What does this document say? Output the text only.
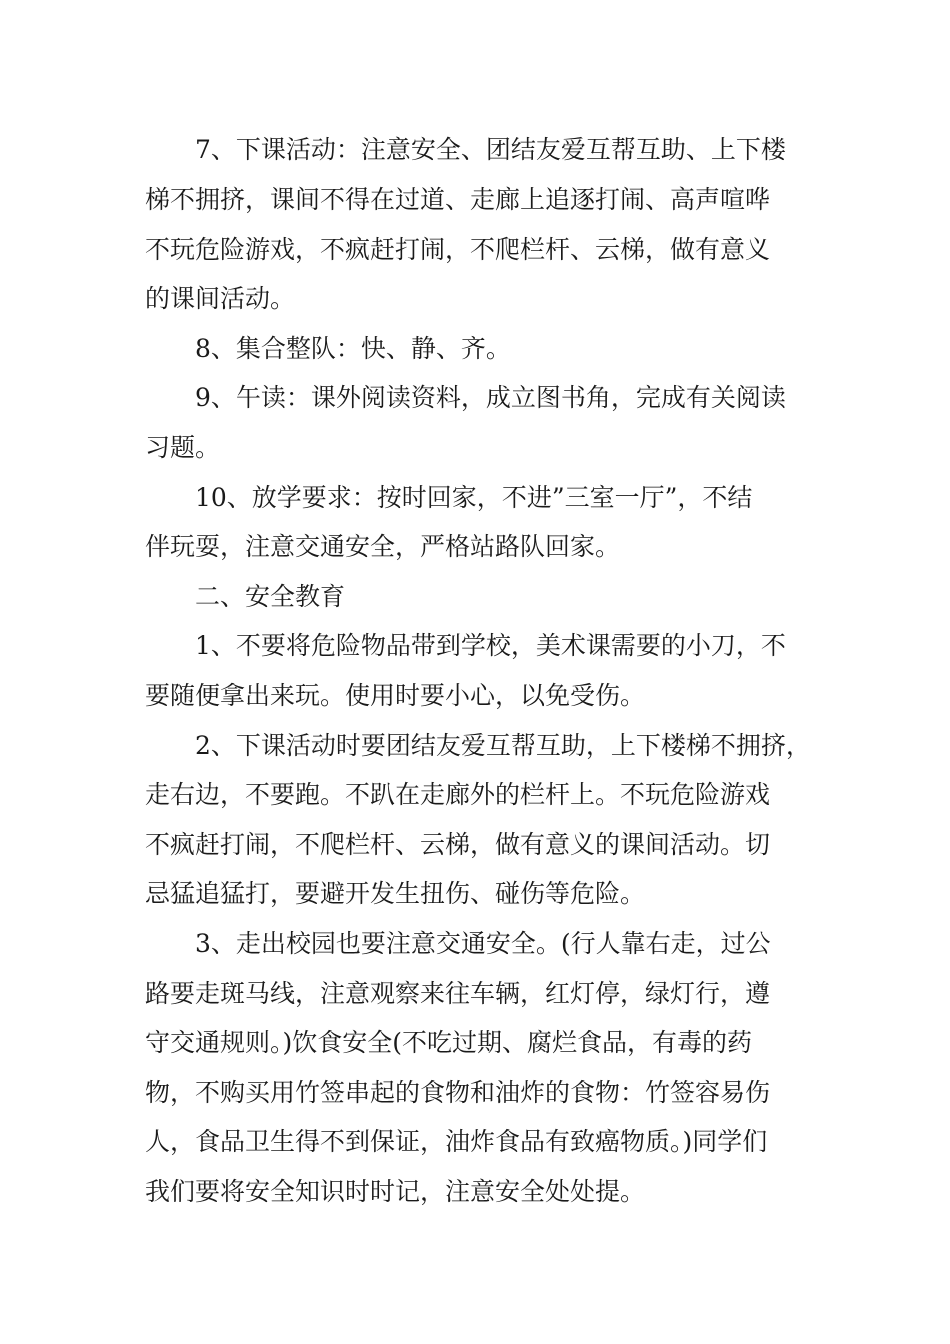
7、下课活动：注意安全、团结友爱互帮互助、上下楼
梯不拥挤，课间不得在过道、走廊上追逐打闹、高声喧哗
不玩危险游戏，不疯赶打闹，不爬栏杆、云梯，做有意义
的课间活动。
8、集合整队：快、静、齐。
9、午读：课外阅读资料，成立图书角，完成有关阅读
习题。
10、放学要求：按时回家，不进”三室一厅”，不结
伴玩耍，注意交通安全，严格站路队回家。
二、安全教育
1、不要将危险物品带到学校，美术课需要的小刀，不
要随便拿出来玩。使用时要小心，以免受伤。
2、下课活动时要团结友爱互帮互助，上下楼梯不拥挤，
走右边，不要跑。不趴在走廊外的栏杆上。不玩危险游戏
不疯赶打闹，不爬栏杆、云梯，做有意义的课间活动。切
忌猛追猛打，要避开发生扭伤、碰伤等危险。
3、走出校园也要注意交通安全。(行人靠右走，过公
路要走斑马线，注意观察来往车辆，红灯停，绿灯行，遵
守交通规则。)饮食安全(不吃过期、腐烂食品，有毒的药
物，不购买用竹签串起的食物和油炸的食物：竹签容易伤
人，食品卫生得不到保证，油炸食品有致癌物质。)同学们
我们要将安全知识时时记，注意安全处处提。
